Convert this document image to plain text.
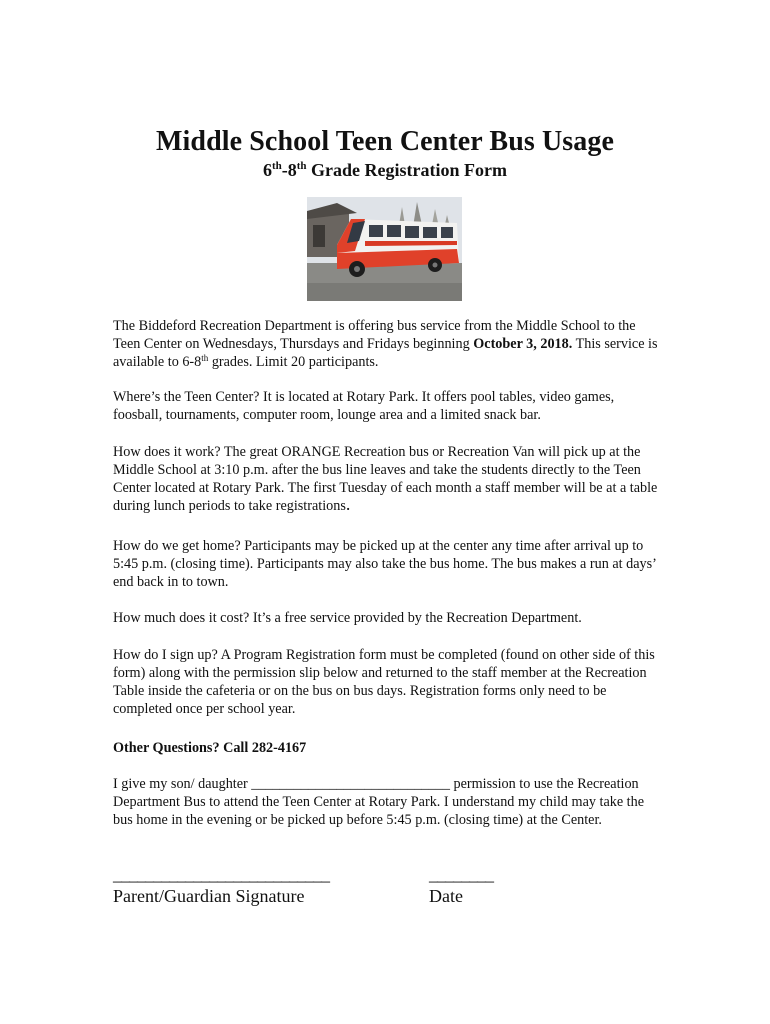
Middle School Teen Center Bus Usage
6th-8th Grade Registration Form
The Biddeford Recreation Department is offering bus service from the Middle School to the Teen Center on Wednesdays, Thursdays and Fridays beginning October 3, 2018. This service is available to 6-8th grades. Limit 20 participants.
Where’s the Teen Center? It is located at Rotary Park. It offers pool tables, video games, foosball, tournaments, computer room, lounge area and a limited snack bar.
How does it work? The great ORANGE Recreation bus or Recreation Van will pick up at the Middle School at 3:10 p.m. after the bus line leaves and take the students directly to the Teen Center located at Rotary Park. The first Tuesday of each month a staff member will be at a table during lunch periods to take registrations.
How do we get home? Participants may be picked up at the center any time after arrival up to 5:45 p.m. (closing time). Participants may also take the bus home. The bus makes a run at days’ end back in to town.
How much does it cost? It’s a free service provided by the Recreation Department.
How do I sign up? A Program Registration form must be completed (found on other side of this form) along with the permission slip below and returned to the staff member at the Recreation Table inside the cafeteria or on the bus on bus days. Registration forms only need to be completed once per school year.
Other Questions? Call 282-4167
I give my son/ daughter ____________________________ permission to use the Recreation Department Bus to attend the Teen Center at Rotary Park. I understand my child may take the bus home in the evening or be picked up before 5:45 p.m. (closing time) at the Center.
___________________________	________
Parent/Guardian Signature	Date
